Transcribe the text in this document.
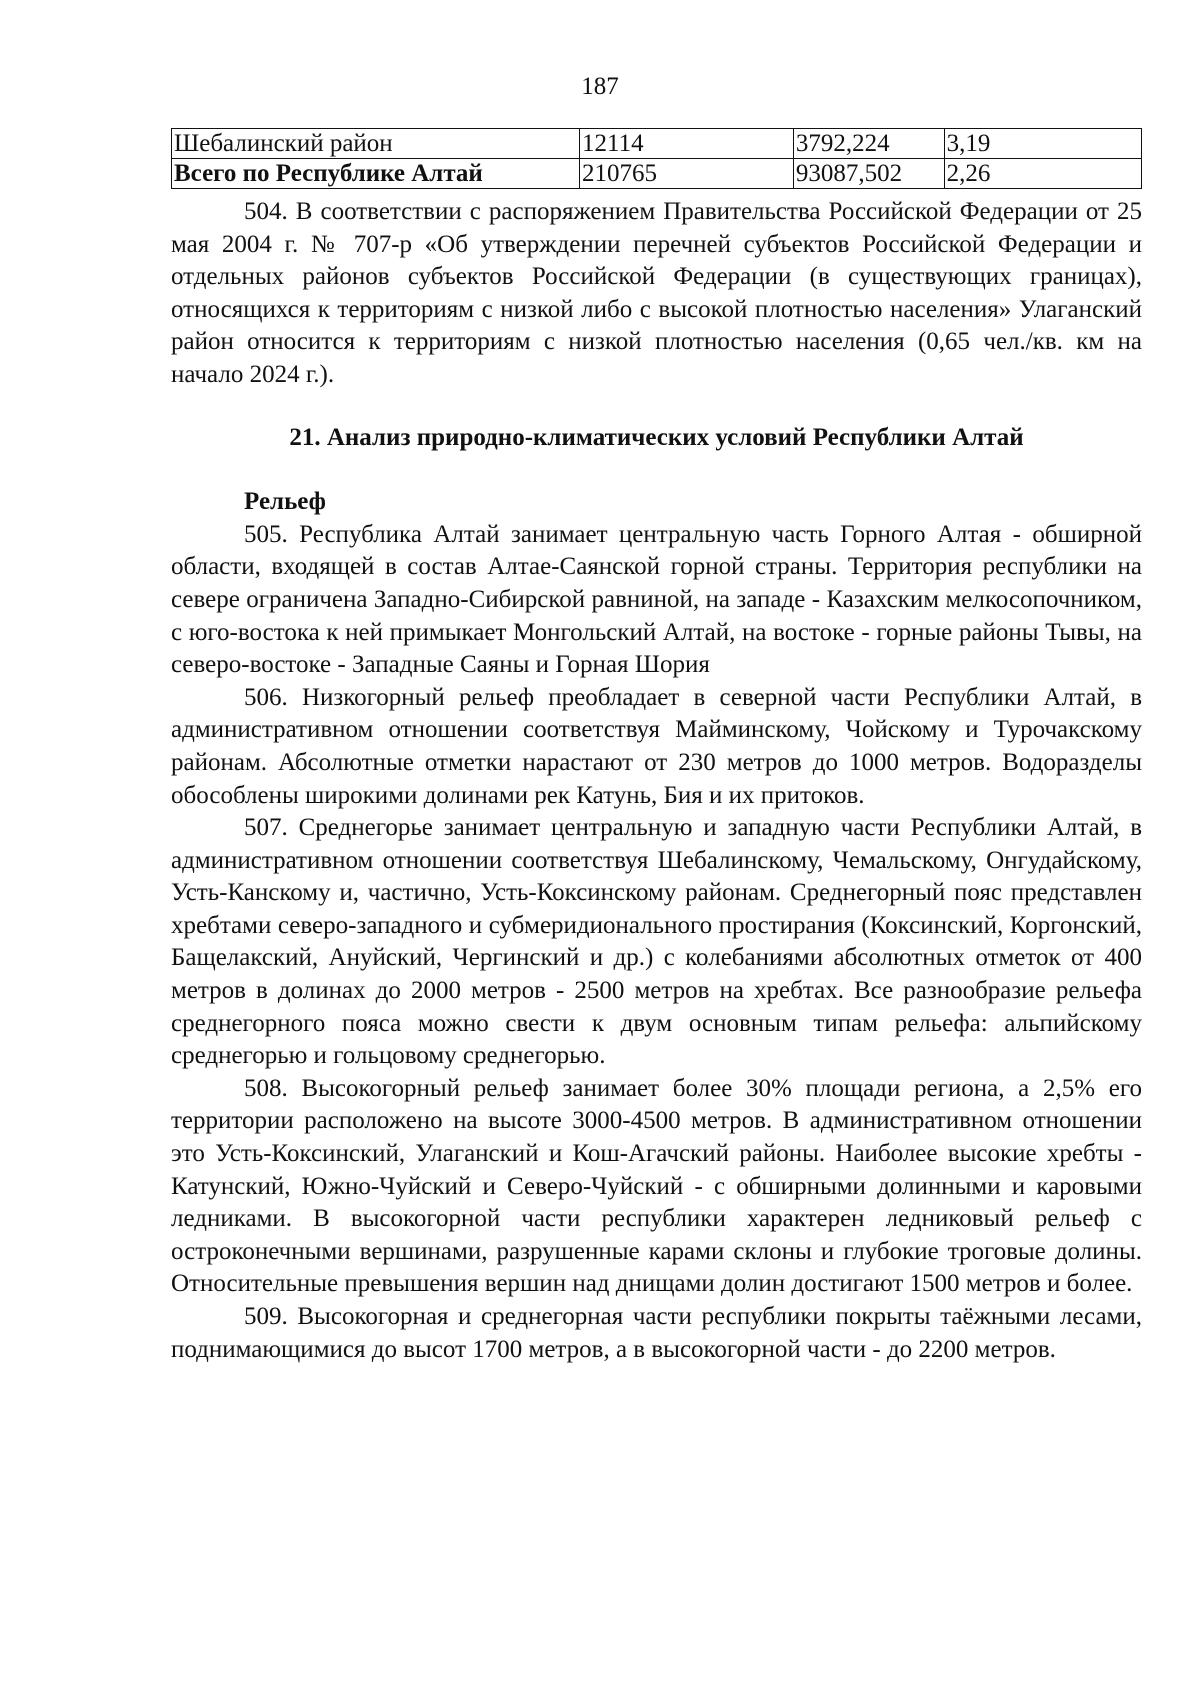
187
Шебалинский район	12114	3792,224	3,19
Всего по Республике Алтай	210765	93087,502	2,26

504. В соответствии с распоряжением Правительства Российской Федерации от 25 мая 2004 г. № 707-р «Об утверждении перечней субъектов Российской Федерации и отдельных районов субъектов Российской Федерации (в существующих границах), относящихся к территориям с низкой либо с высокой плотностью населения» Улаганский район относится к территориям с низкой плотностью населения (0,65 чел./кв. км на начало 2024 г.).

21. Анализ природно-климатических условий Республики Алтай

Рельеф

505. Республика Алтай занимает центральную часть Горного Алтая - обширной области, входящей в состав Алтае-Саянской горной страны. Территория республики на севере ограничена Западно-Сибирской равниной, на западе - Казахским мелкосопочником, с юго-востока к ней примыкает Монгольский Алтай, на востоке - горные районы Тывы, на северо-востоке - Западные Саяны и Горная Шория

506. Низкогорный рельеф преобладает в северной части Республики Алтай, в административном отношении соответствуя Майминскому, Чойскому и Турочакскому районам. Абсолютные отметки нарастают от 230 метров до 1000 метров. Водоразделы обособлены широкими долинами рек Катунь, Бия и их притоков.

507. Среднегорье занимает центральную и западную части Республики Алтай, в административном отношении соответствуя Шебалинскому, Чемальскому, Онгудайскому, Усть-Канскому и, частично, Усть-Коксинскому районам. Среднегорный пояс представлен хребтами северо-западного и субмеридионального простирания (Коксинский, Коргонский, Бащелакский, Ануйский, Чергинский и др.) с колебаниями абсолютных отметок от 400 метров в долинах до 2000 метров - 2500 метров на хребтах. Все разнообразие рельефа среднегорного пояса можно свести к двум основным типам рельефа: альпийскому среднегорью и гольцовому среднегорью.

508. Высокогорный рельеф занимает более 30% площади региона, а 2,5% его территории расположено на высоте 3000-4500 метров. В административном отношении это Усть-Коксинский, Улаганский и Кош-Агачский районы. Наиболее высокие хребты - Катунский, Южно-Чуйский и Северо-Чуйский - с обширными долинными и каровыми ледниками. В высокогорной части республики характерен ледниковый рельеф с остроконечными вершинами, разрушенные карами склоны и глубокие троговые долины. Относительные превышения вершин над днищами долин достигают 1500 метров и более.

509. Высокогорная и среднегорная части республики покрыты таёжными лесами, поднимающимися до высот 1700 метров, а в высокогорной части - до 2200 метров.
